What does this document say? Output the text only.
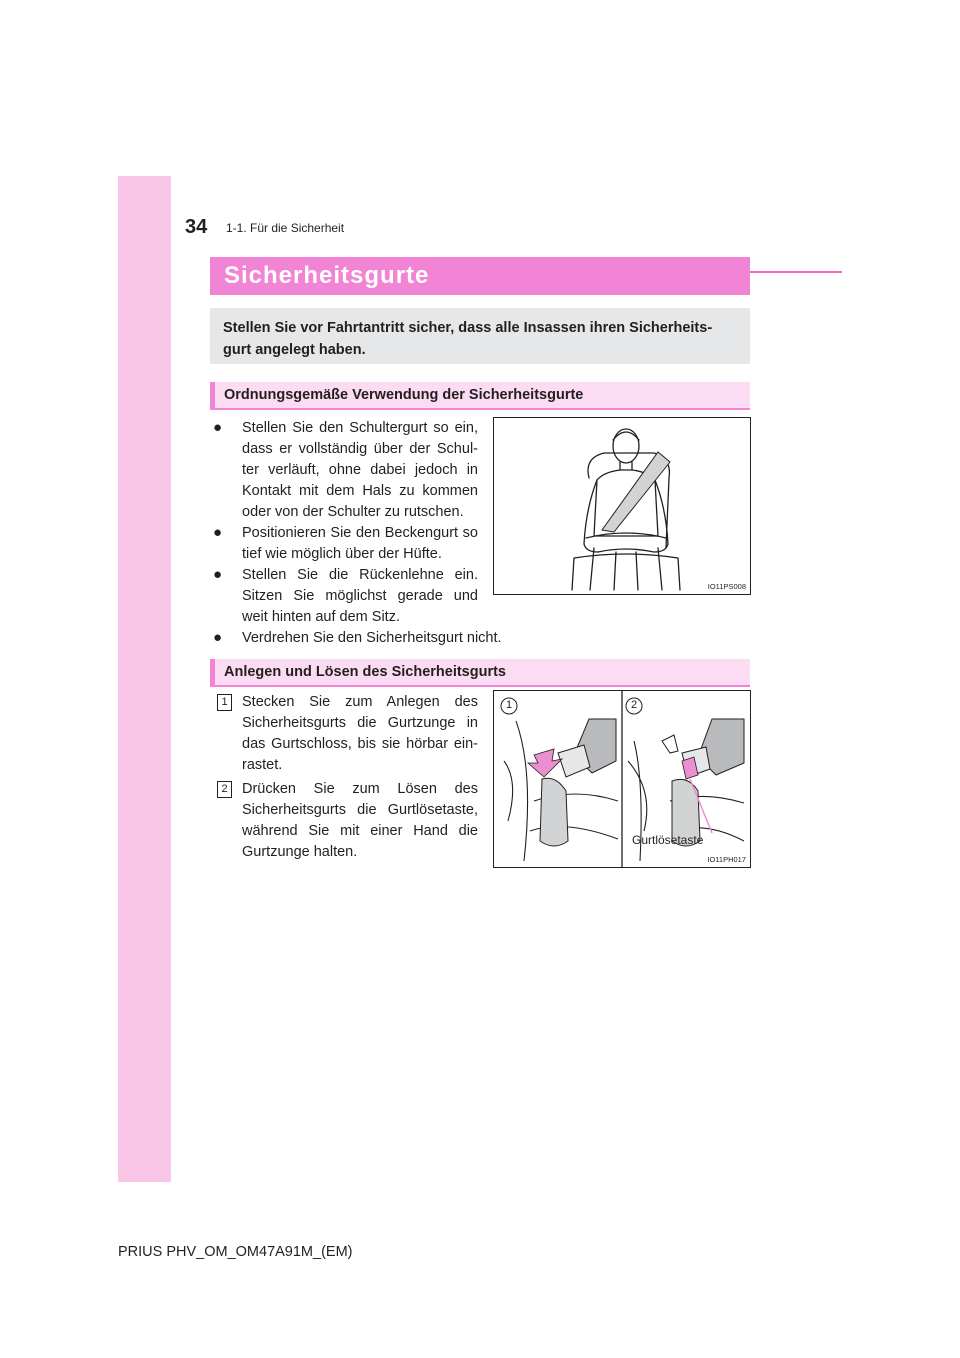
34 1-1. Für die Sicherheit
Sicherheitsgurte
Stellen Sie vor Fahrtantritt sicher, dass alle Insassen ihren Sicherheits- gurt angelegt haben.
Ordnungsgemäße Verwendung der Sicherheitsgurte
● Stellen Sie den Schultergurt so ein, dass er vollständig über der Schul- ter verläuft, ohne dabei jedoch in Kontakt mit dem Hals zu kommen oder von der Schulter zu rutschen.
● Positionieren Sie den Beckengurt so tief wie möglich über der Hüfte.
● Stellen Sie die Rückenlehne ein. Sitzen Sie möglichst gerade und weit hinten auf dem Sitz.
● Verdrehen Sie den Sicherheitsgurt nicht.
IO11PS008
Anlegen und Lösen des Sicherheitsgurts
1 Stecken Sie zum Anlegen des Sicherheitsgurts die Gurtzunge in das Gurtschloss, bis sie hörbar ein- rastet.
2 Drücken Sie zum Lösen des Sicherheitsgurts die Gurtlösetaste, während Sie mit einer Hand die Gurtzunge halten.
Gurtlösetaste
1	2
IO11PH017
PRIUS PHV_OM_OM47A91M_(EM)
